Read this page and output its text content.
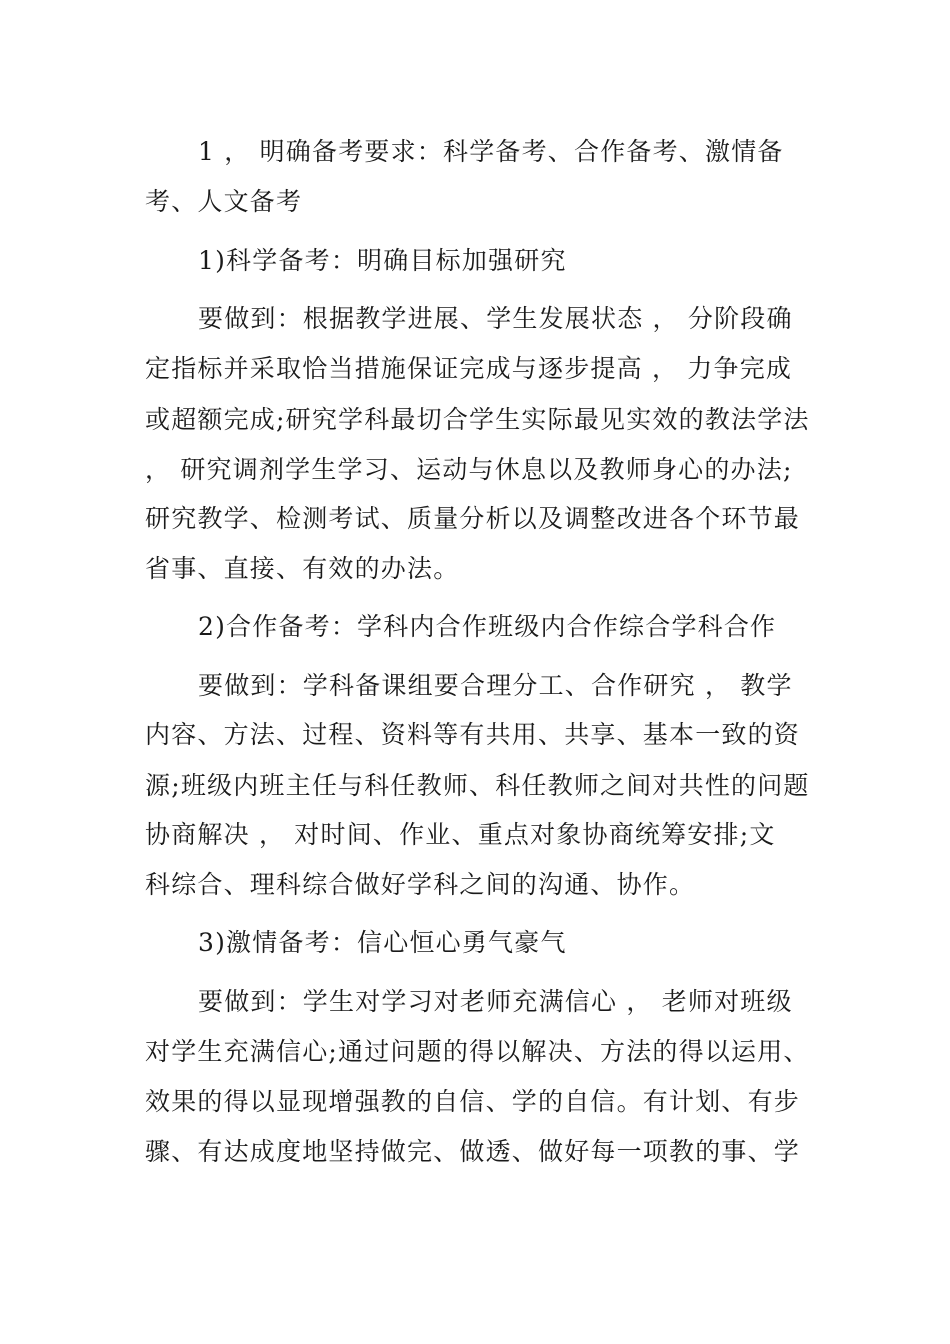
1 ， 明确备考要求：科学备考、合作备考、激情备
考、人文备考
1)科学备考：明确目标加强研究
要做到：根据教学进展、学生发展状态 ， 分阶段确
定指标并采取恰当措施保证完成与逐步提高 ， 力争完成
或超额完成;研究学科最切合学生实际最见实效的教法学法
， 研究调剂学生学习、运动与休息以及教师身心的办法;
研究教学、检测考试、质量分析以及调整改进各个环节最
省事、直接、有效的办法。
2)合作备考：学科内合作班级内合作综合学科合作
要做到：学科备课组要合理分工、合作研究 ， 教学
内容、方法、过程、资料等有共用、共享、基本一致的资
源;班级内班主任与科任教师、科任教师之间对共性的问题
协商解决 ， 对时间、作业、重点对象协商统筹安排;文
科综合、理科综合做好学科之间的沟通、协作。
3)激情备考：信心恒心勇气豪气
要做到：学生对学习对老师充满信心 ， 老师对班级
对学生充满信心;通过问题的得以解决、方法的得以运用、
效果的得以显现增强教的自信、学的自信。有计划、有步
骤、有达成度地坚持做完、做透、做好每一项教的事、学
